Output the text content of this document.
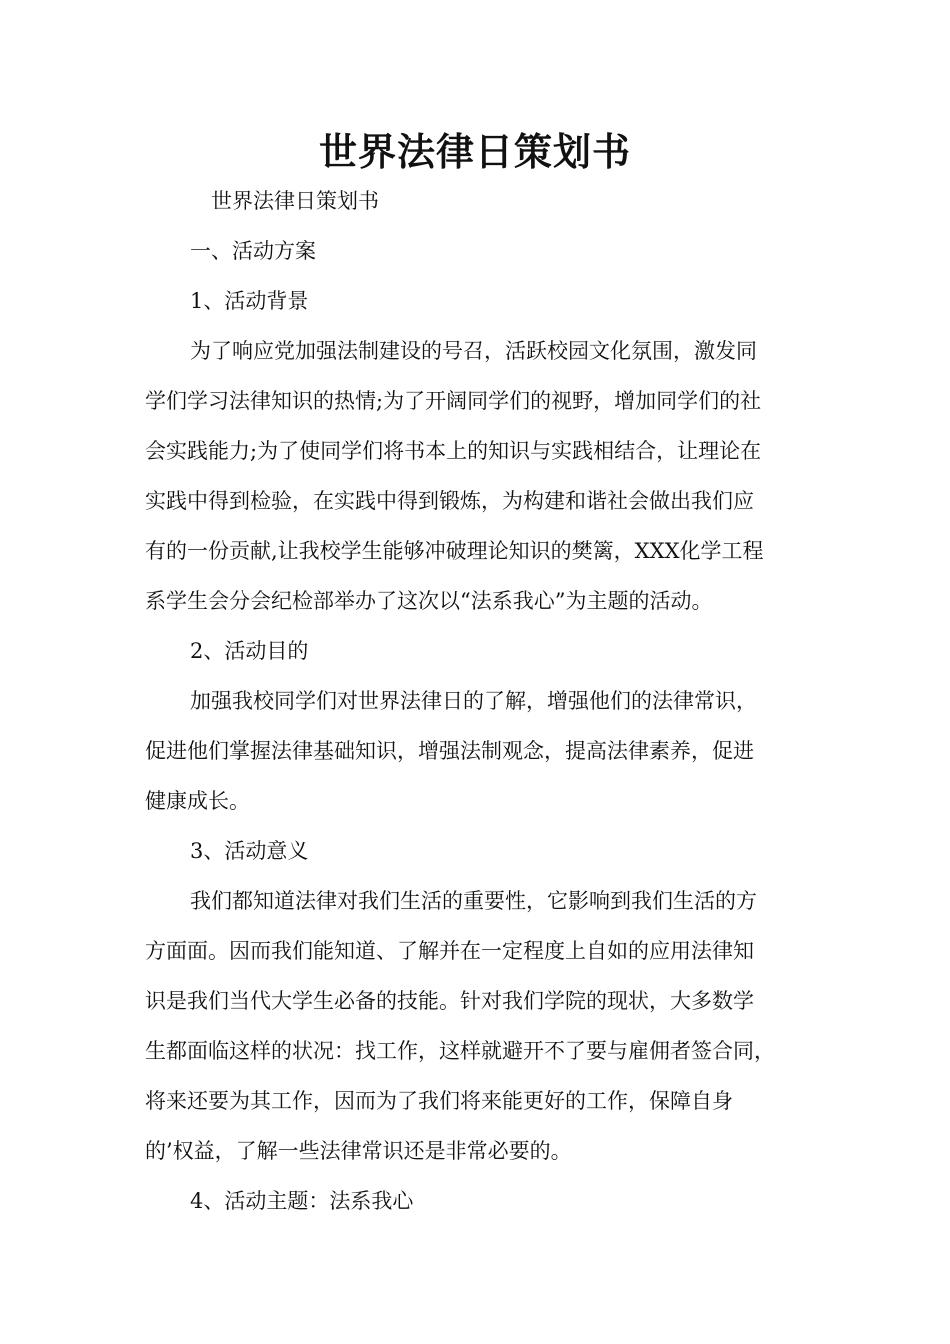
世界法律日策划书
世界法律日策划书
一、活动方案
1、活动背景
为了响应党加强法制建设的号召，活跃校园文化氛围，激发同
学们学习法律知识的热情;为了开阔同学们的视野，增加同学们的社
会实践能力;为了使同学们将书本上的知识与实践相结合，让理论在
实践中得到检验，在实践中得到锻炼，为构建和谐社会做出我们应
有的一份贡献,让我校学生能够冲破理论知识的樊篱，XXX化学工程
系学生会分会纪检部举办了这次以“法系我心”为主题的活动。
2、活动目的
加强我校同学们对世界法律日的了解，增强他们的法律常识，
促进他们掌握法律基础知识，增强法制观念，提高法律素养，促进
健康成长。
3、活动意义
我们都知道法律对我们生活的重要性，它影响到我们生活的方
方面面。因而我们能知道、了解并在一定程度上自如的应用法律知
识是我们当代大学生必备的技能。针对我们学院的现状，大多数学
生都面临这样的状况：找工作，这样就避开不了要与雇佣者签合同，
将来还要为其工作，因而为了我们将来能更好的工作，保障自身
的’权益，了解一些法律常识还是非常必要的。
4、活动主题：法系我心
